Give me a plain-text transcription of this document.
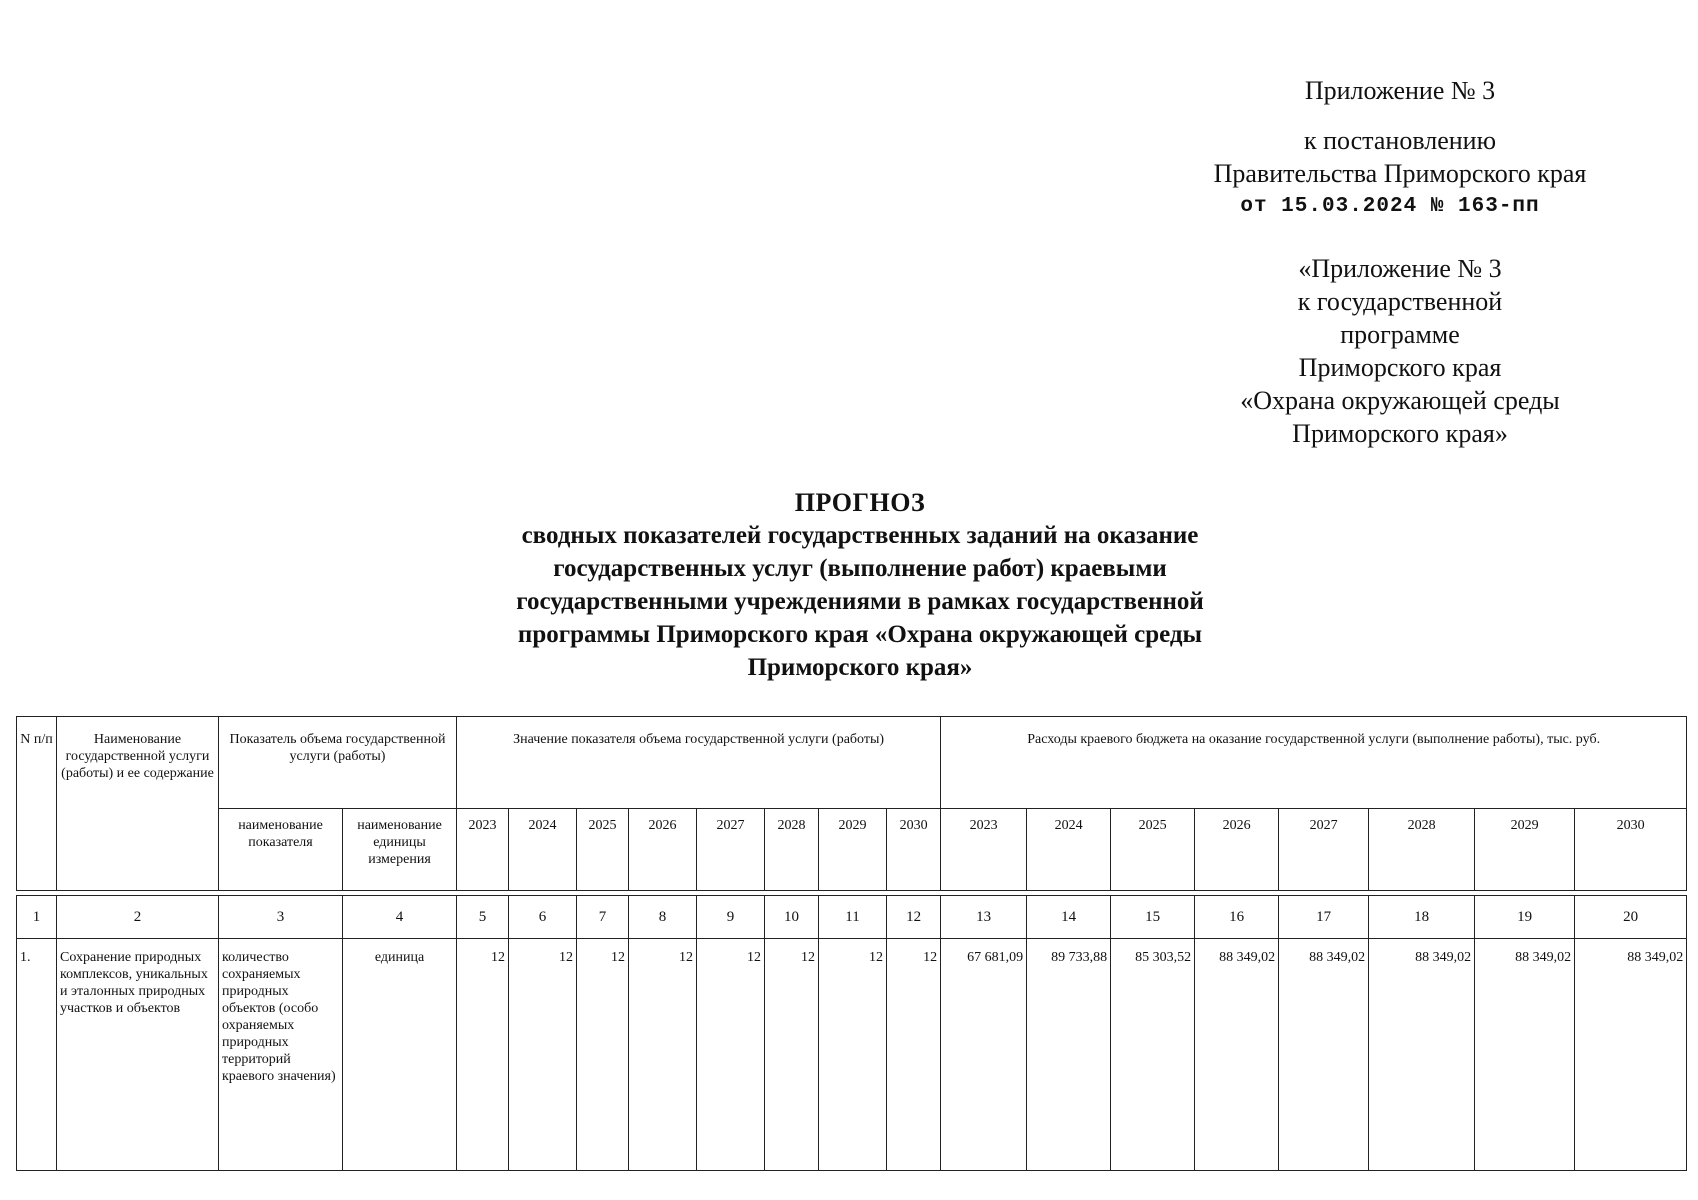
Приложение № 3
к постановлению
Правительства Приморского края
от 15.03.2024 № 163-пп
«Приложение № 3
к государственной
программе
Приморского края
«Охрана окружающей среды
Приморского края»
ПРОГНОЗ
сводных показателей государственных заданий на оказание
государственных услуг (выполнение работ) краевыми
государственными учреждениями в рамках государственной
программы Приморского края «Охрана окружающей среды
Приморского края»
N п/п	Наименование государственной услуги (работы) и ее содержание	Показатель объема государственной услуги (работы)		Значение показателя объема государственной услуги (работы)								Расходы краевого бюджета на оказание государственной услуги (выполнение работы), тыс. руб.							
		наименование показателя	наименование единицы измерения	2023	2024	2025	2026	2027	2028	2029	2030	2023	2024	2025	2026	2027	2028	2029	2030

1	2	3	4	5	6	7	8	9	10	11	12	13	14	15	16	17	18	19	20
1.	Сохранение природных комплексов, уникальных и эталонных природных участков и объектов	количество сохраняемых природных объектов (особо охраняемых природных территорий краевого значения)	единица	12	12	12	12	12	12	12	12	67 681,09	89 733,88	85 303,52	88 349,02	88 349,02	88 349,02	88 349,02	88 349,02
